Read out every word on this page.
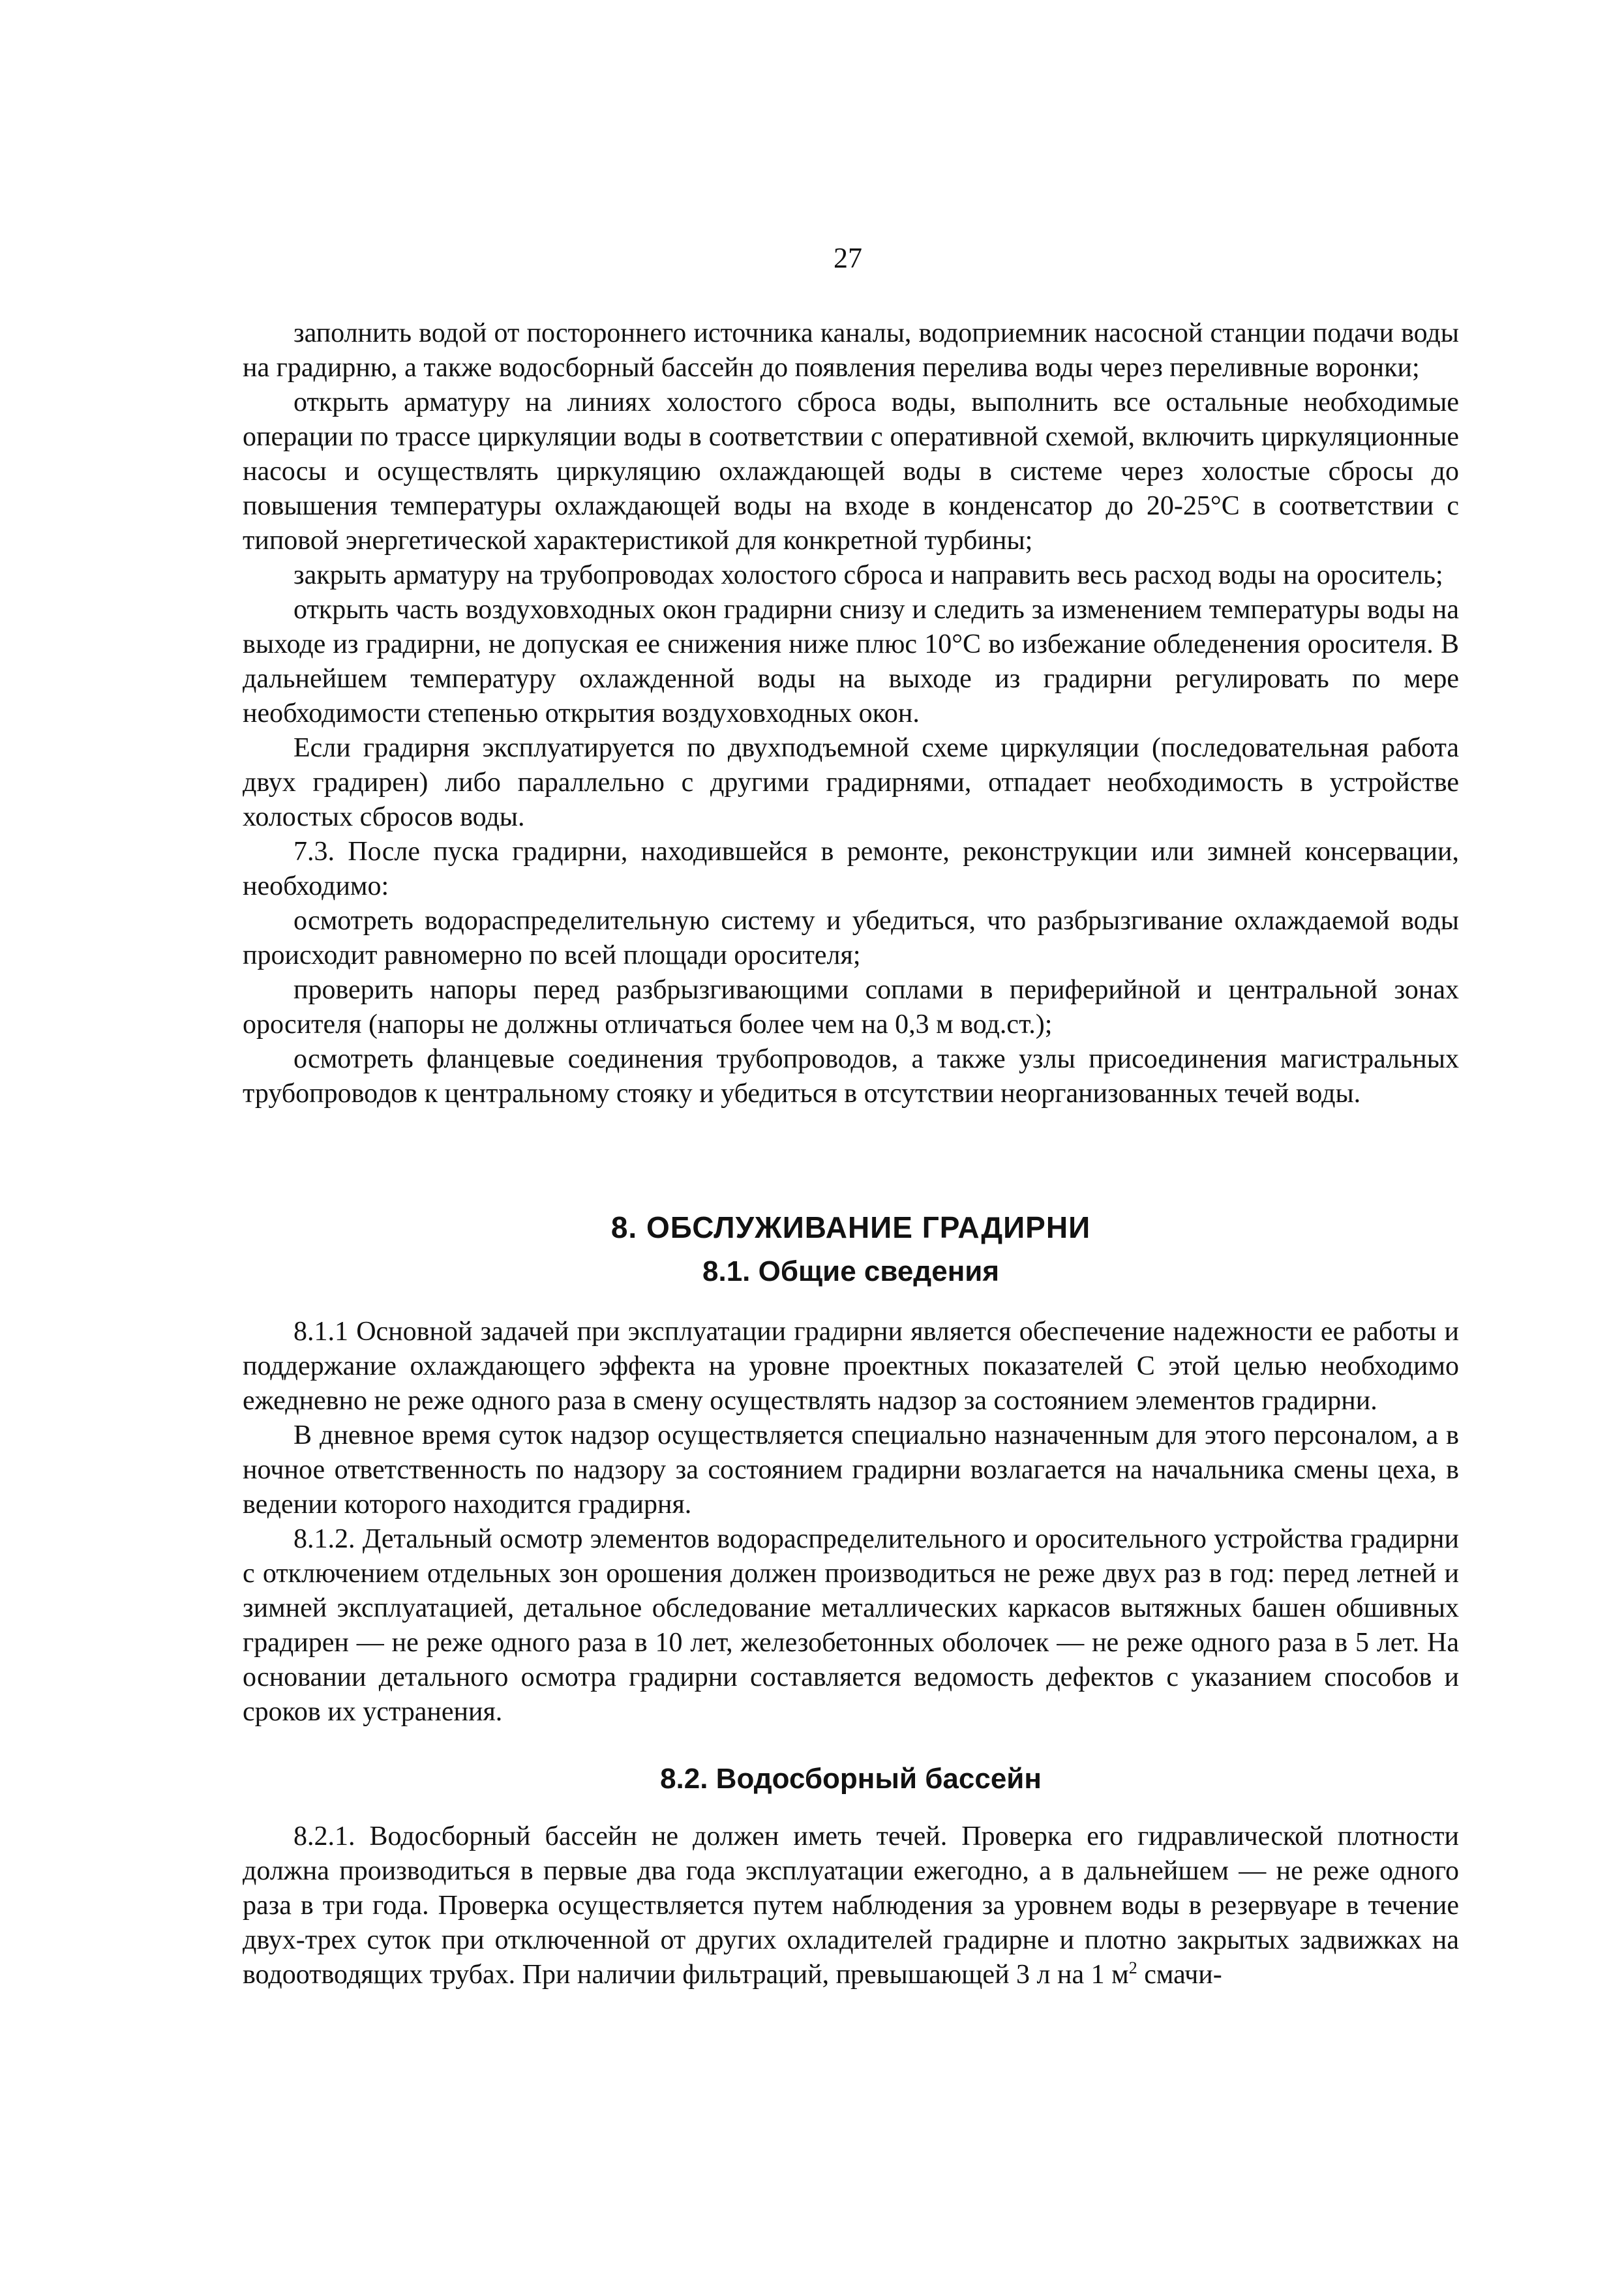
27

заполнить водой от постороннего источника каналы, водоприемник насосной станции подачи воды на градирню, а также водосборный бассейн до появления перелива воды через переливные воронки;

открыть арматуру на линиях холостого сброса воды, выполнить все остальные необходимые операции по трассе циркуляции воды в соответствии с оперативной схемой, включить циркуляционные насосы и осуществлять циркуляцию охлаждающей воды в системе через холостые сбросы до повышения температуры охлаждающей воды на входе в конденсатор до 20-25°С в соответствии с типовой энергетической характеристикой для конкретной турбины;

закрыть арматуру на трубопроводах холостого сброса и направить весь расход воды на ороситель;

открыть часть воздуховходных окон градирни снизу и следить за изменением температуры воды на выходе из градирни, не допуская ее снижения ниже плюс 10°С во избежание обледенения оросителя. В дальнейшем температуру охлажденной воды на выходе из градирни регулировать по мере необходимости степенью открытия воздуховходных окон.

Если градирня эксплуатируется по двухподъемной схеме циркуляции (последовательная работа двух градирен) либо параллельно с другими градирнями, отпадает необходимость в устройстве холостых сбросов воды.

7.3. После пуска градирни, находившейся в ремонте, реконструкции или зимней консервации, необходимо:

осмотреть водораспределительную систему и убедиться, что разбрызгивание охлаждаемой воды происходит равномерно по всей площади оросителя;

проверить напоры перед разбрызгивающими соплами в периферийной и центральной зонах оросителя (напоры не должны отличаться более чем на 0,3 м вод.ст.);

осмотреть фланцевые соединения трубопроводов, а также узлы присоединения магистральных трубопроводов к центральному стояку и убедиться в отсутствии неорганизованных течей воды.

8. ОБСЛУЖИВАНИЕ ГРАДИРНИ
8.1. Общие сведения

8.1.1 Основной задачей при эксплуатации градирни является обеспечение надежности ее работы и поддержание охлаждающего эффекта на уровне проектных показателей С этой целью необходимо ежедневно не реже одного раза в смену осуществлять надзор за состоянием элементов градирни.

В дневное время суток надзор осуществляется специально назначенным для этого персоналом, а в ночное ответственность по надзору за состоянием градирни возлагается на начальника смены цеха, в ведении которого находится градирня.

8.1.2. Детальный осмотр элементов водораспределительного и оросительного устройства градирни с отключением отдельных зон орошения должен производиться не реже двух раз в год: перед летней и зимней эксплуатацией, детальное обследование металлических каркасов вытяжных башен обшивных градирен — не реже одного раза в 10 лет, железобетонных оболочек — не реже одного раза в 5 лет. На основании детального осмотра градирни составляется ведомость дефектов с указанием способов и сроков их устранения.

8.2. Водосборный бассейн

8.2.1. Водосборный бассейн не должен иметь течей. Проверка его гидравлической плотности должна производиться в первые два года эксплуатации ежегодно, а в дальнейшем — не реже одного раза в три года. Проверка осуществляется путем наблюдения за уровнем воды в резервуаре в течение двух-трех суток при отключенной от других охладителей градирне и плотно закрытых задвижках на водоотводящих трубах. При наличии фильтраций, превышающей 3 л на 1 $м^2$ смачи-
